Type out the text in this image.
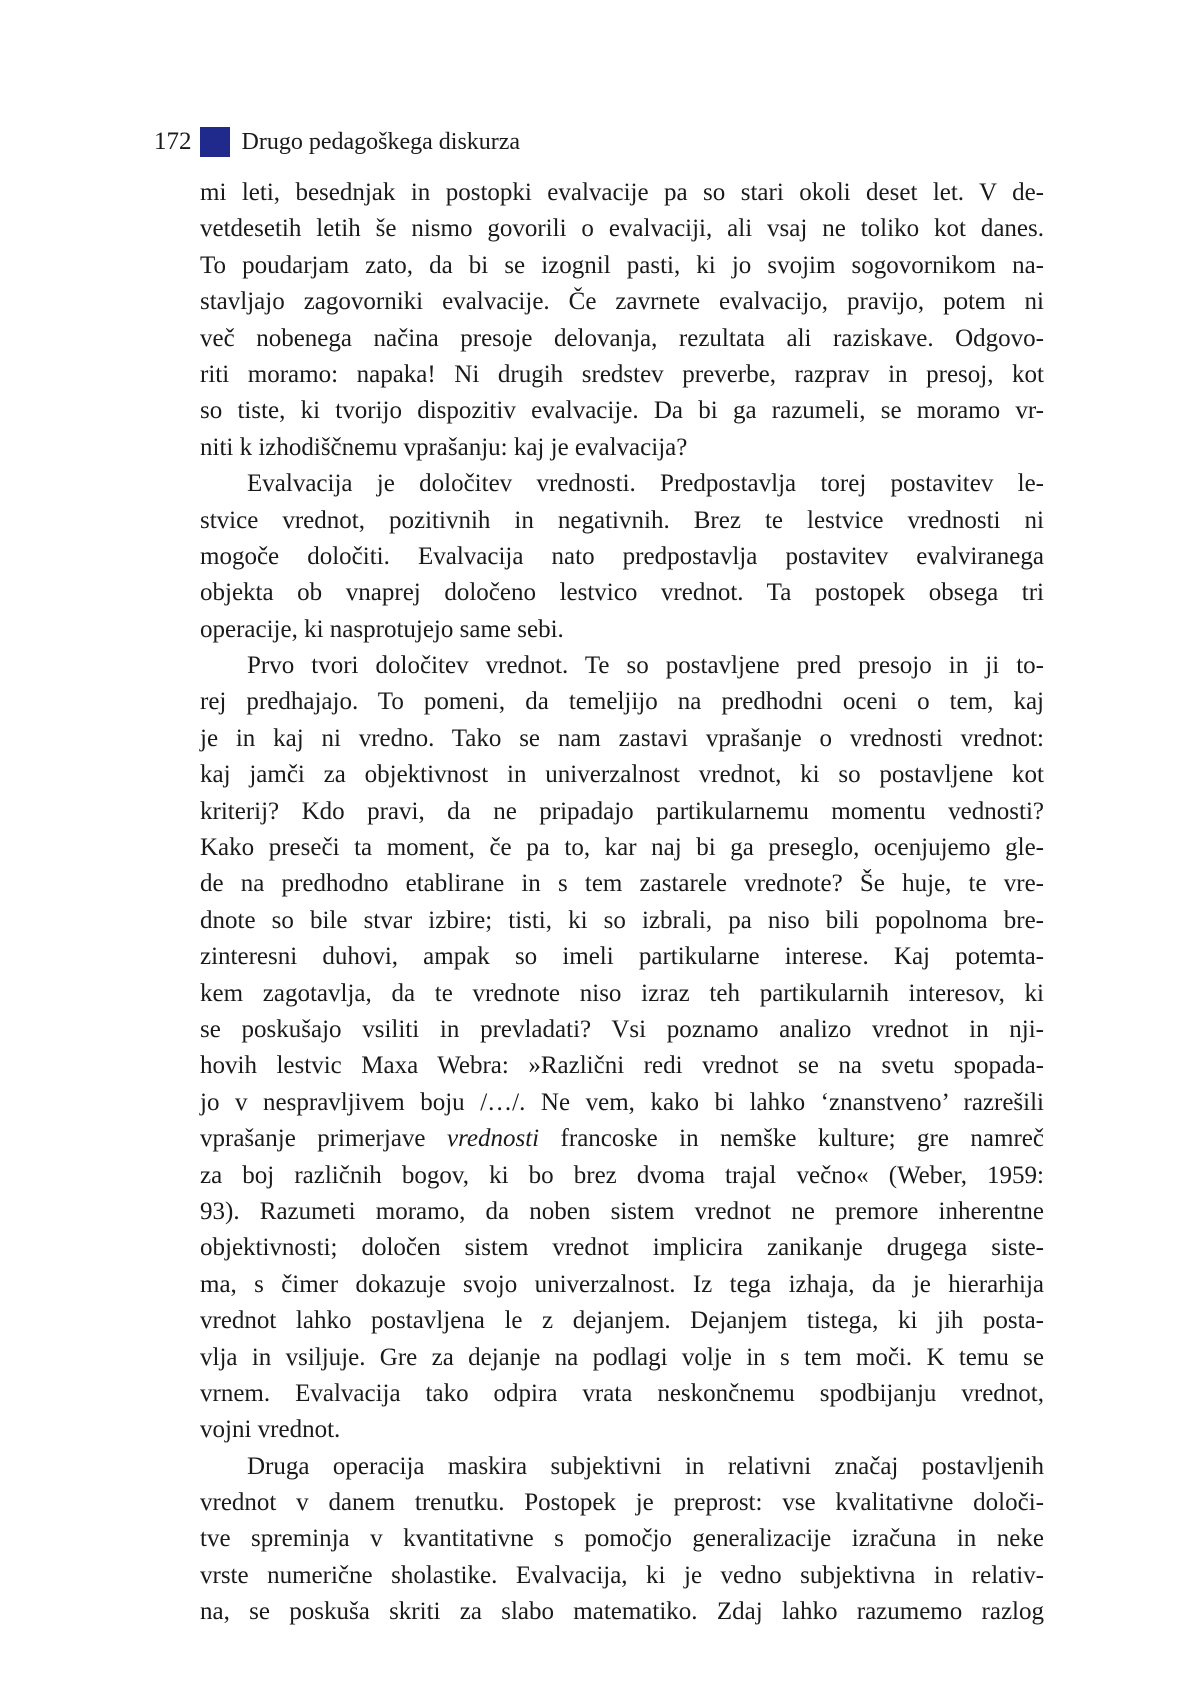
172 Drugo pedagoškega diskurza
mi leti, besednjak in postopki evalvacije pa so stari okoli deset let. V de-
vetdesetih letih še nismo govorili o evalvaciji, ali vsaj ne toliko kot danes.
To poudarjam zato, da bi se izognil pasti, ki jo svojim sogovornikom na-
stavljajo zagovorniki evalvacije. Če zavrnete evalvacijo, pravijo, potem ni
več nobenega načina presoje delovanja, rezultata ali raziskave. Odgovo-
riti moramo: napaka! Ni drugih sredstev preverbe, razprav in presoj, kot
so tiste, ki tvorijo dispozitiv evalvacije. Da bi ga razumeli, se moramo vr-
niti k izhodiščnemu vprašanju: kaj je evalvacija?
Evalvacija je določitev vrednosti. Predpostavlja torej postavitev le-
stvice vrednot, pozitivnih in negativnih. Brez te lestvice vrednosti ni
mogoče določiti. Evalvacija nato predpostavlja postavitev evalviranega
objekta ob vnaprej določeno lestvico vrednot. Ta postopek obsega tri
operacije, ki nasprotujejo same sebi.
Prvo tvori določitev vrednot. Te so postavljene pred presojo in ji to-
rej predhajajo. To pomeni, da temeljijo na predhodni oceni o tem, kaj
je in kaj ni vredno. Tako se nam zastavi vprašanje o vrednosti vrednot:
kaj jamči za objektivnost in univerzalnost vrednot, ki so postavljene kot
kriterij? Kdo pravi, da ne pripadajo partikularnemu momentu vednosti?
Kako preseči ta moment, če pa to, kar naj bi ga preseglo, ocenjujemo gle-
de na predhodno etablirane in s tem zastarele vrednote? Še huje, te vre-
dnote so bile stvar izbire; tisti, ki so izbrali, pa niso bili popolnoma bre-
zinteresni duhovi, ampak so imeli partikularne interese. Kaj potemta-
kem zagotavlja, da te vrednote niso izraz teh partikularnih interesov, ki
se poskušajo vsiliti in prevladati? Vsi poznamo analizo vrednot in nji-
hovih lestvic Maxa Webra: »Različni redi vrednot se na svetu spopada-
jo v nespravljivem boju /…/. Ne vem, kako bi lahko ‘znanstveno’ razrešili
vprašanje primerjave vrednosti francoske in nemške kulture; gre namreč
za boj različnih bogov, ki bo brez dvoma trajal večno« (Weber, 1959:
93). Razumeti moramo, da noben sistem vrednot ne premore inherentne
objektivnosti; določen sistem vrednot implicira zanikanje drugega siste-
ma, s čimer dokazuje svojo univerzalnost. Iz tega izhaja, da je hierarhija
vrednot lahko postavljena le z dejanjem. Dejanjem tistega, ki jih posta-
vlja in vsiljuje. Gre za dejanje na podlagi volje in s tem moči. K temu se
vrnem. Evalvacija tako odpira vrata neskončnemu spodbijanju vrednot,
vojni vrednot.
Druga operacija maskira subjektivni in relativni značaj postavljenih
vrednot v danem trenutku. Postopek je preprost: vse kvalitativne določi-
tve spreminja v kvantitativne s pomočjo generalizacije izračuna in neke
vrste numerične sholastike. Evalvacija, ki je vedno subjektivna in relativ-
na, se poskuša skriti za slabo matematiko. Zdaj lahko razumemo razlog
